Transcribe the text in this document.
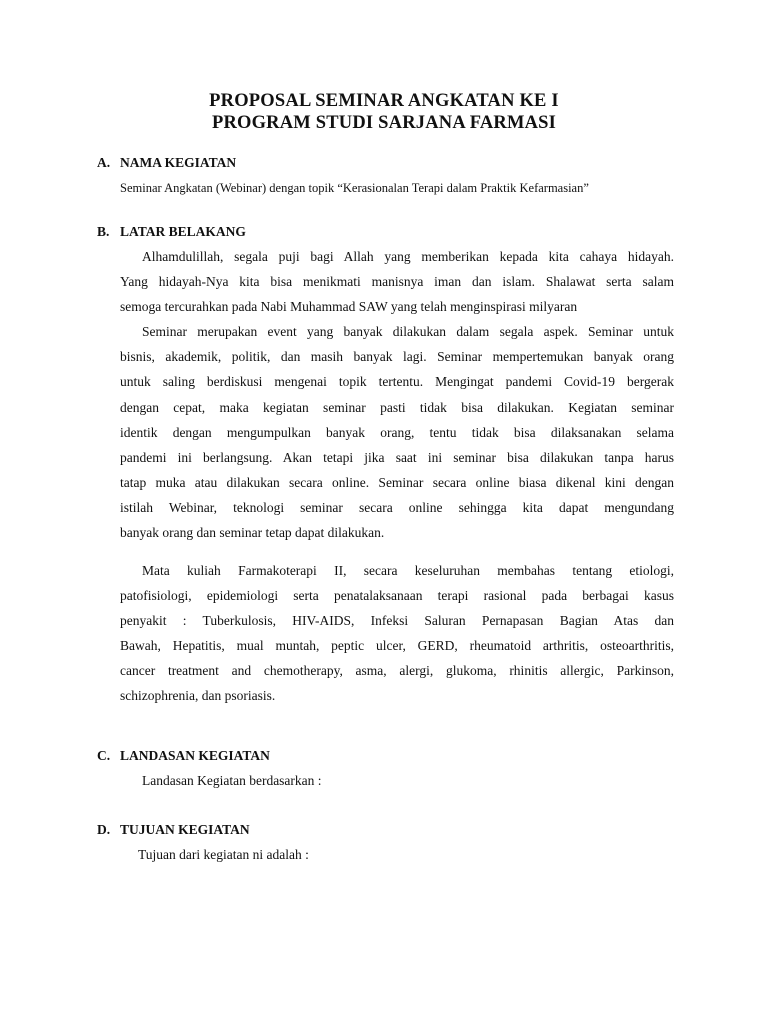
PROPOSAL SEMINAR ANGKATAN KE I
PROGRAM STUDI SARJANA FARMASI
A. NAMA KEGIATAN
Seminar Angkatan (Webinar) dengan topik “Kerasionalan Terapi dalam Praktik Kefarmasian”
B. LATAR BELAKANG
Alhamdulillah, segala puji bagi Allah yang memberikan kepada kita cahaya hidayah.
Yang hidayah-Nya kita bisa menikmati manisnya iman dan islam. Shalawat serta salam
semoga tercurahkan pada Nabi Muhammad SAW yang telah menginspirasi milyaran
Seminar merupakan event yang banyak dilakukan dalam segala aspek. Seminar untuk
bisnis, akademik, politik, dan masih banyak lagi. Seminar mempertemukan banyak orang
untuk saling berdiskusi mengenai topik tertentu. Mengingat pandemi Covid-19 bergerak
dengan cepat, maka kegiatan seminar pasti tidak bisa dilakukan. Kegiatan seminar
identik dengan mengumpulkan banyak orang, tentu tidak bisa dilaksanakan selama
pandemi ini berlangsung. Akan tetapi jika saat ini seminar bisa dilakukan tanpa harus
tatap muka atau dilakukan secara online. Seminar secara online biasa dikenal kini dengan
istilah Webinar, teknologi seminar secara online sehingga kita dapat mengundang
banyak orang dan seminar tetap dapat dilakukan.
Mata kuliah Farmakoterapi II, secara keseluruhan membahas tentang etiologi,
patofisiologi, epidemiologi serta penatalaksanaan terapi rasional pada berbagai kasus
penyakit : Tuberkulosis, HIV-AIDS, Infeksi Saluran Pernapasan Bagian Atas dan
Bawah, Hepatitis, mual muntah, peptic ulcer, GERD, rheumatoid arthritis, osteoarthritis,
cancer treatment and chemotherapy, asma, alergi, glukoma, rhinitis allergic, Parkinson,
schizophrenia, dan psoriasis.
C. LANDASAN KEGIATAN
Landasan Kegiatan berdasarkan :
D. TUJUAN KEGIATAN
Tujuan dari kegiatan ni adalah :
